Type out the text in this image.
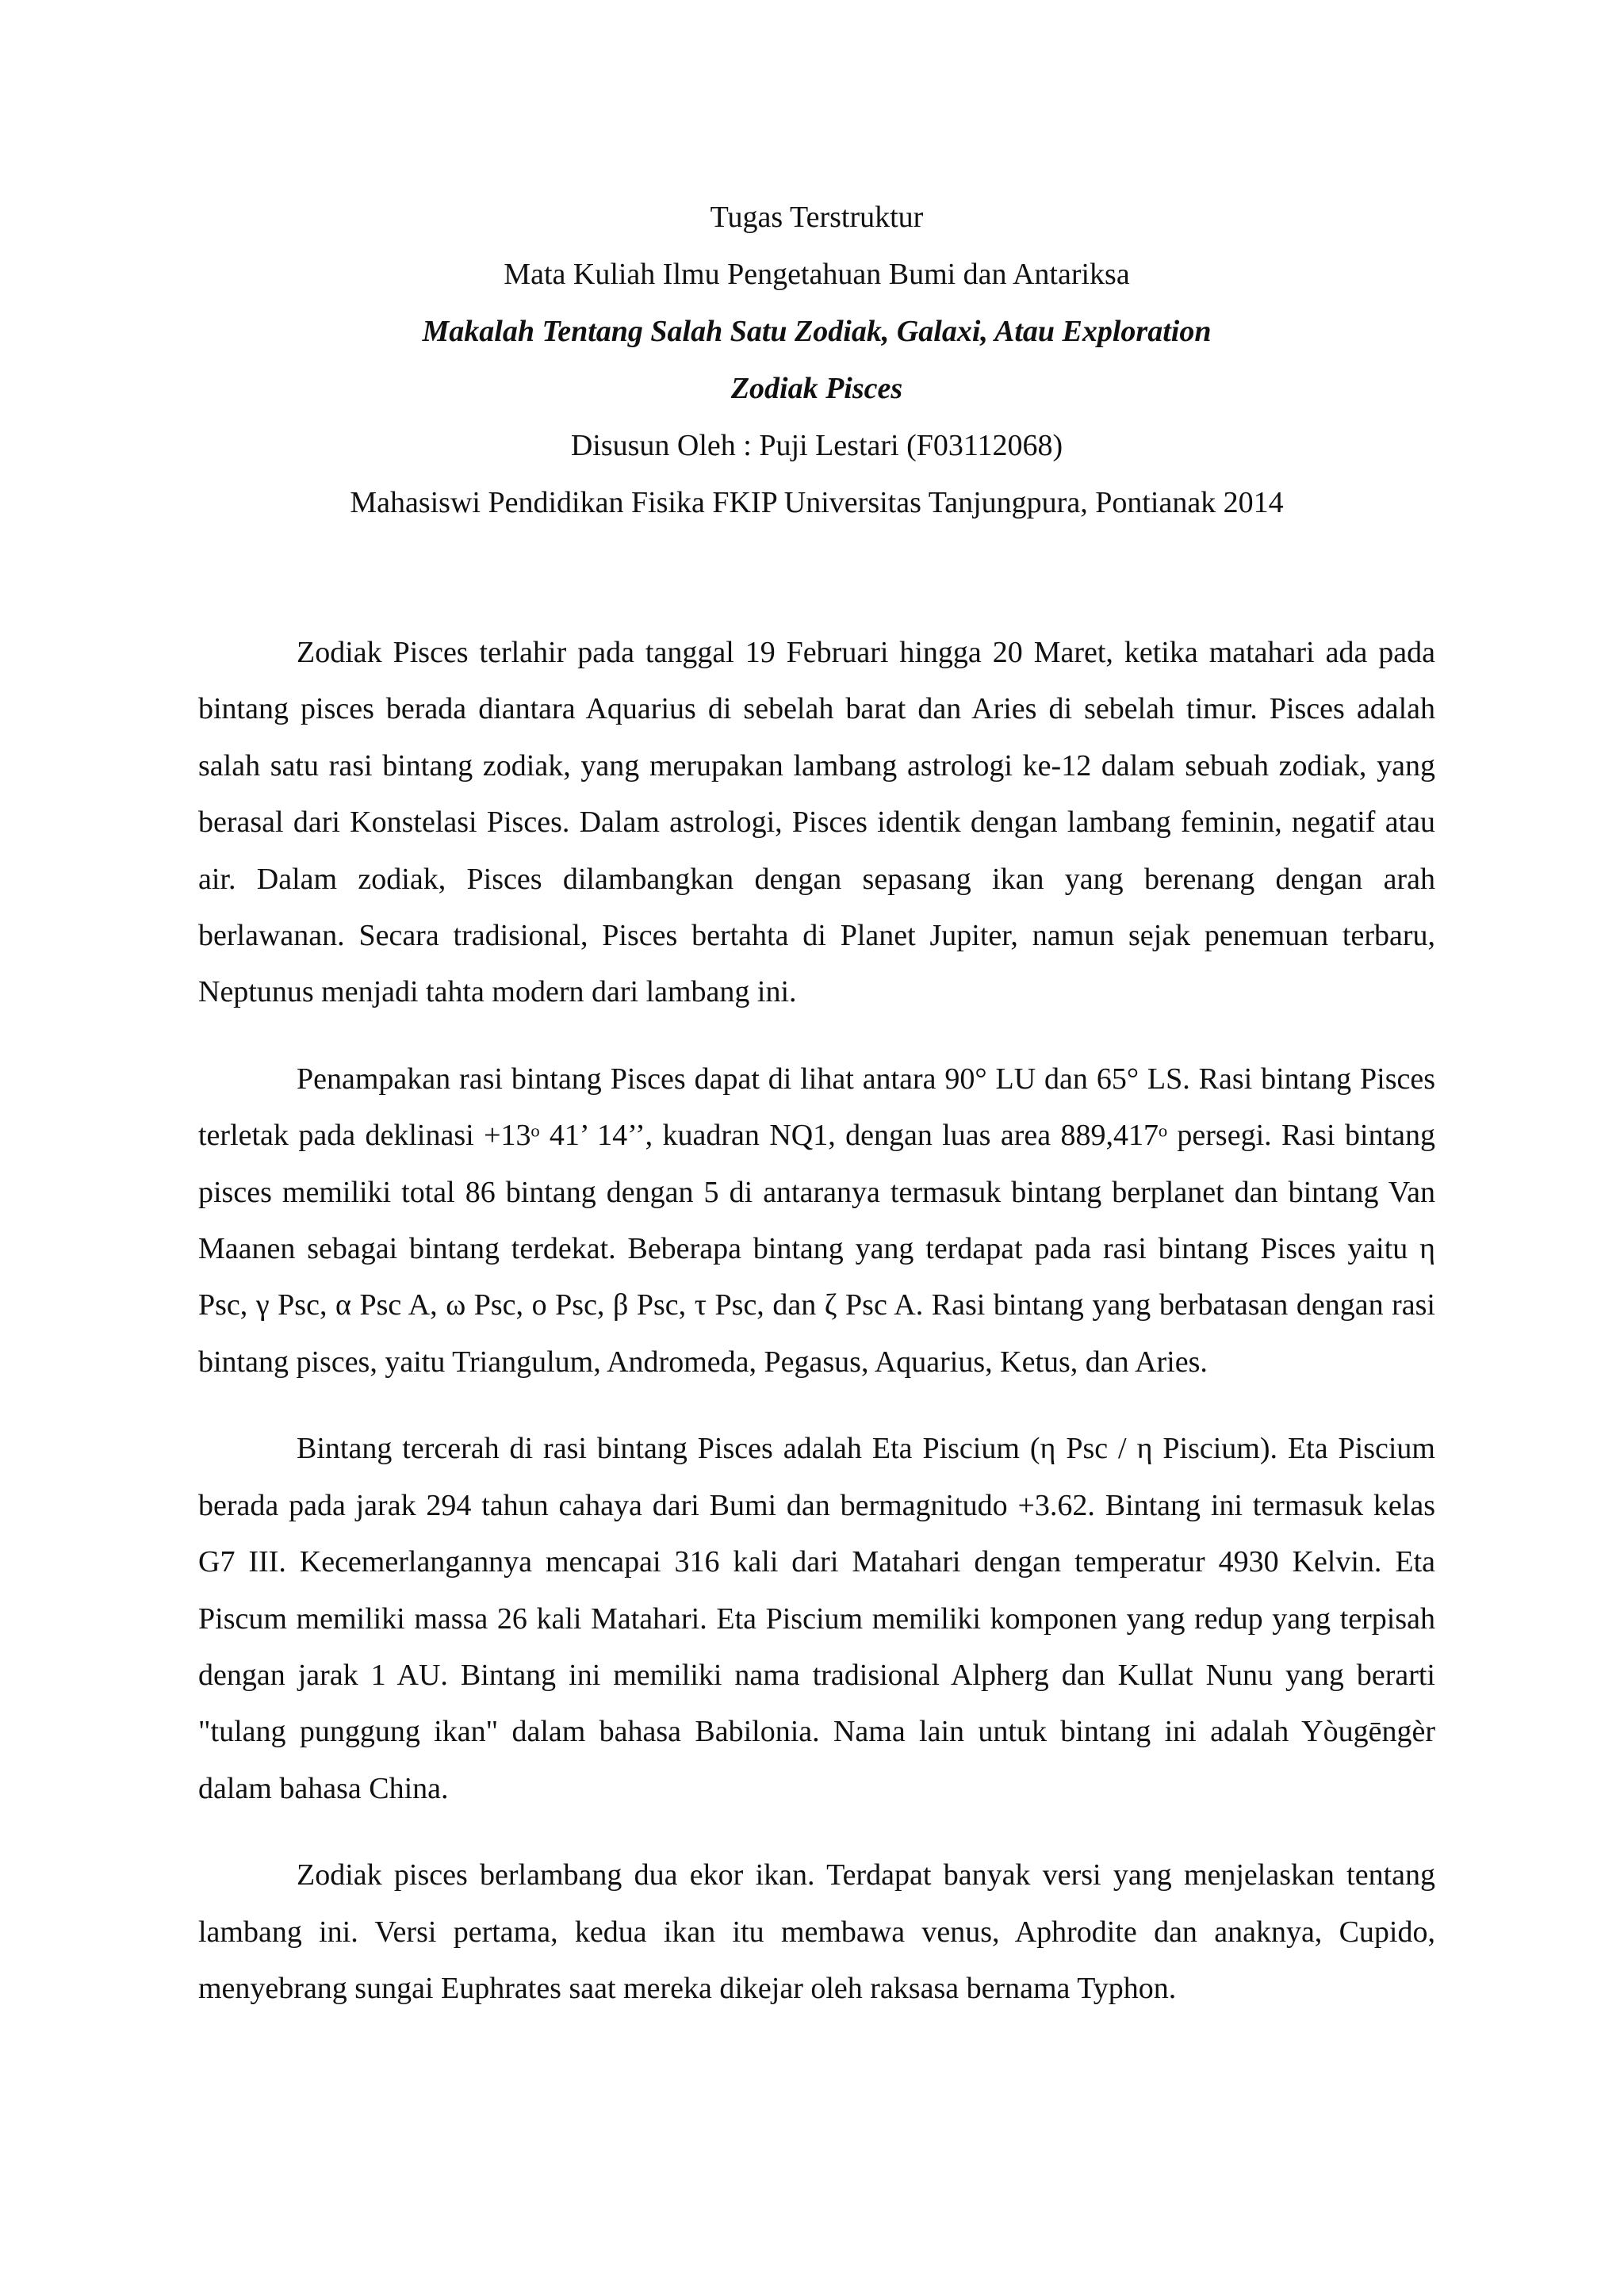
Tugas Terstruktur
Mata Kuliah Ilmu Pengetahuan Bumi dan Antariksa
Makalah Tentang Salah Satu Zodiak, Galaxi, Atau Exploration
Zodiak Pisces
Disusun Oleh : Puji Lestari (F03112068)
Mahasiswi Pendidikan Fisika FKIP Universitas Tanjungpura, Pontianak 2014

Zodiak Pisces terlahir pada tanggal 19 Februari hingga 20 Maret, ketika matahari ada pada bintang pisces berada diantara Aquarius di sebelah barat dan Aries di sebelah timur. Pisces adalah salah satu rasi bintang zodiak, yang merupakan lambang astrologi ke-12 dalam sebuah zodiak, yang berasal dari Konstelasi Pisces. Dalam astrologi, Pisces identik dengan lambang feminin, negatif atau air. Dalam zodiak, Pisces dilambangkan dengan sepasang ikan yang berenang dengan arah berlawanan. Secara tradisional, Pisces bertahta di Planet Jupiter, namun sejak penemuan terbaru, Neptunus menjadi tahta modern dari lambang ini.

Penampakan rasi bintang Pisces dapat di lihat antara 90° LU dan 65° LS. Rasi bintang Pisces terletak pada deklinasi +13ᵒ 41’ 14’’, kuadran NQ1, dengan luas area 889,417ᵒ persegi. Rasi bintang pisces memiliki total 86 bintang dengan 5 di antaranya termasuk bintang berplanet dan bintang Van Maanen sebagai bintang terdekat. Beberapa bintang yang terdapat pada rasi bintang Pisces yaitu η Psc, γ Psc, α Psc A, ω Psc, ο Psc, β Psc, τ Psc, dan ζ Psc A. Rasi bintang yang berbatasan dengan rasi bintang pisces, yaitu Triangulum, Andromeda, Pegasus, Aquarius, Ketus, dan Aries.

Bintang tercerah di rasi bintang Pisces adalah Eta Piscium (η Psc / η Piscium). Eta Piscium berada pada jarak 294 tahun cahaya dari Bumi dan bermagnitudo +3.62. Bintang ini termasuk kelas G7 III. Kecemerlangannya mencapai 316 kali dari Matahari dengan temperatur 4930 Kelvin. Eta Piscum memiliki massa 26 kali Matahari. Eta Piscium memiliki komponen yang redup yang terpisah dengan jarak 1 AU. Bintang ini memiliki nama tradisional Alpherg dan Kullat Nunu yang berarti "tulang punggung ikan" dalam bahasa Babilonia. Nama lain untuk bintang ini adalah Yòugēngèr dalam bahasa China.

Zodiak pisces berlambang dua ekor ikan. Terdapat banyak versi yang menjelaskan tentang lambang ini. Versi pertama, kedua ikan itu membawa venus, Aphrodite dan anaknya, Cupido, menyebrang sungai Euphrates saat mereka dikejar oleh raksasa bernama Typhon.
